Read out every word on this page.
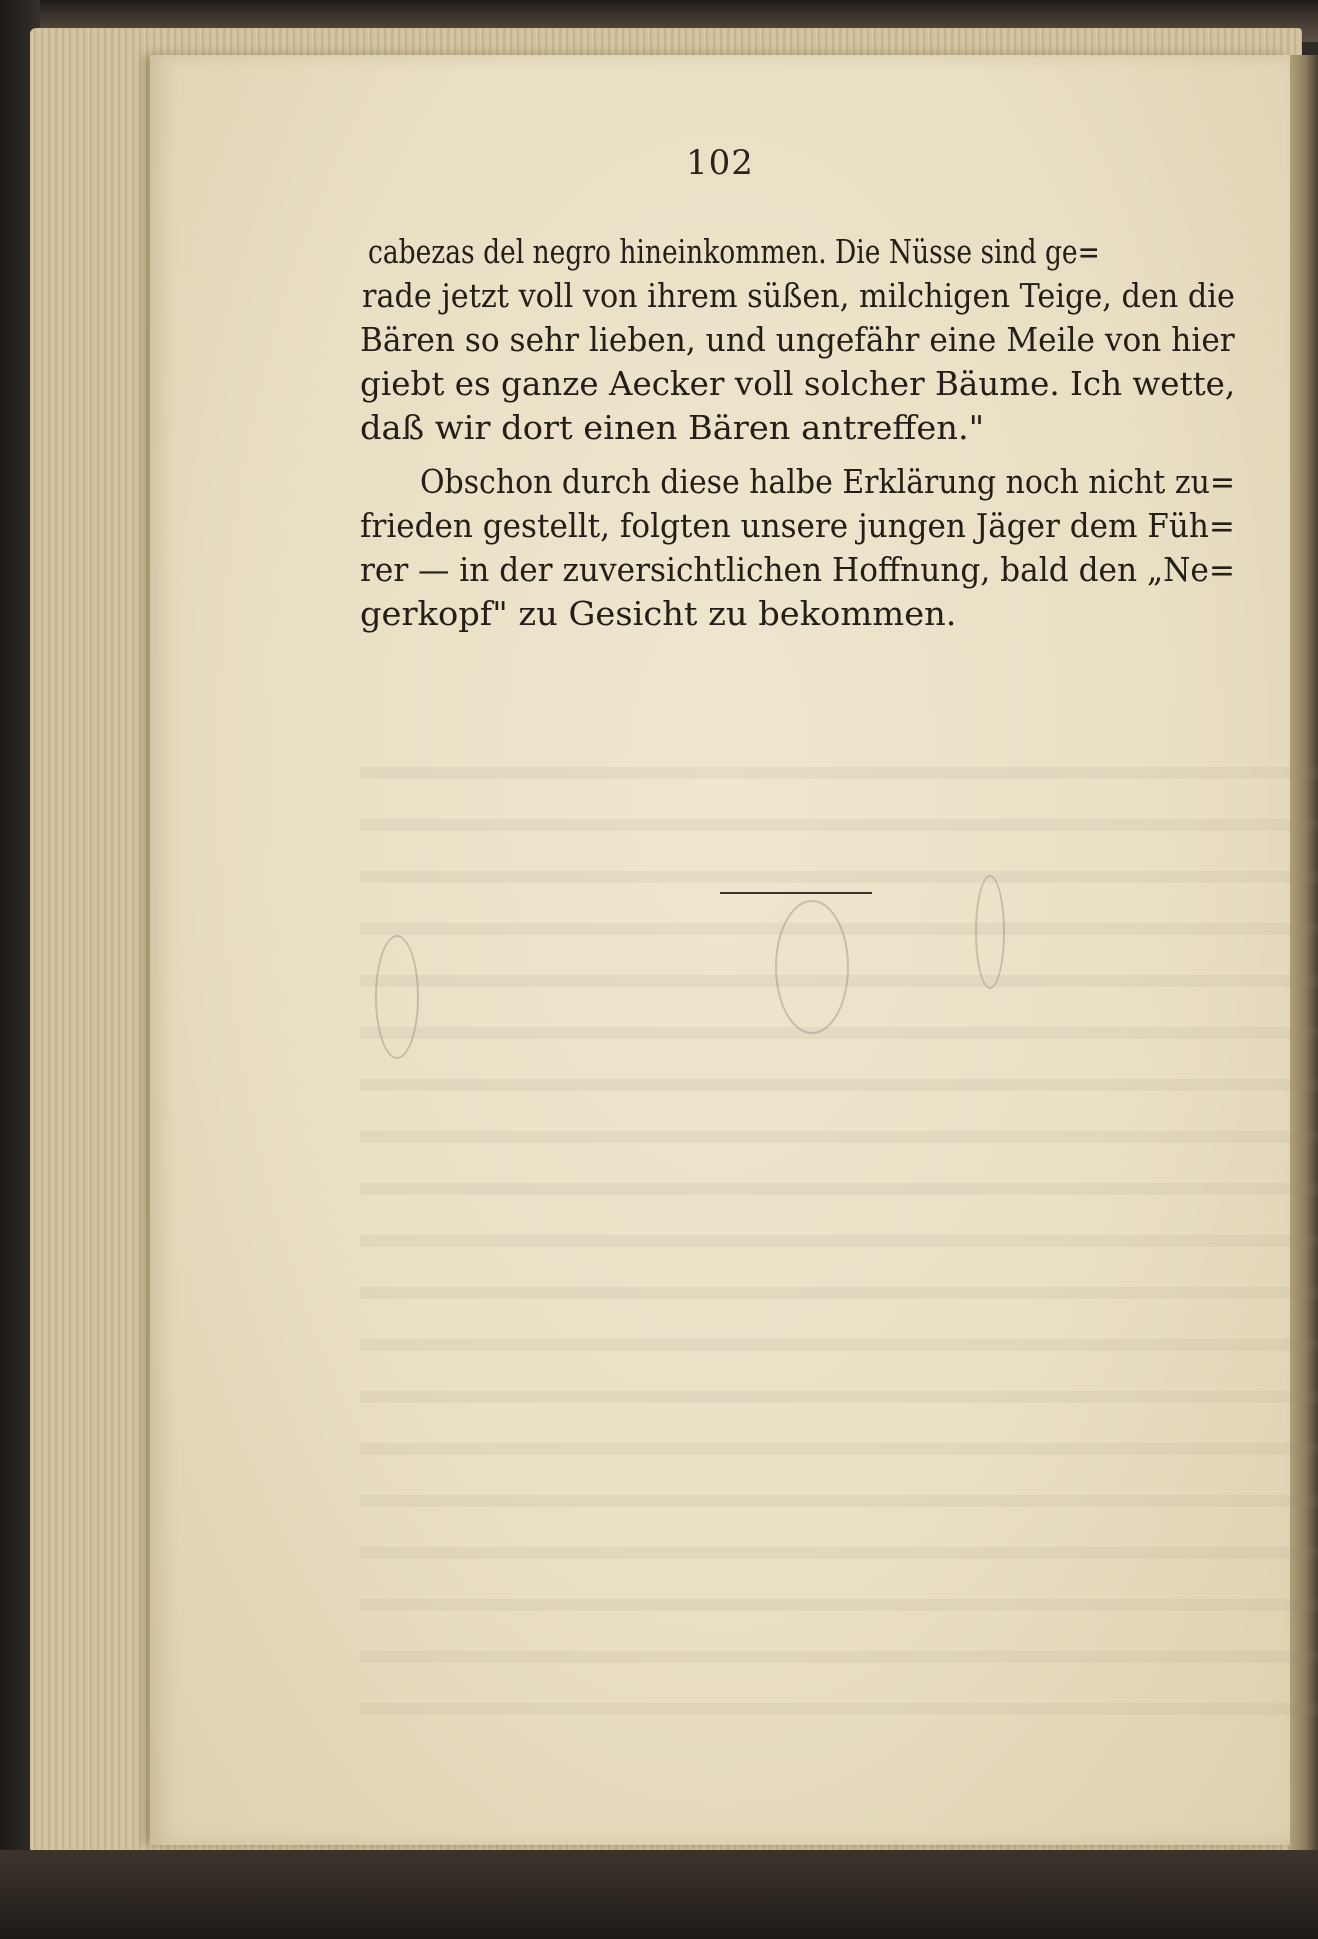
102
cabezas del negro hineinkommen. Die Nüsse sind ge=
rade jetzt voll von ihrem süßen, milchigen Teige, den die
Bären so sehr lieben, und ungefähr eine Meile von hier
giebt es ganze Aecker voll solcher Bäume. Ich wette,
daß wir dort einen Bären antreffen."
Obschon durch diese halbe Erklärung noch nicht zu=
frieden gestellt, folgten unsere jungen Jäger dem Füh=
rer — in der zuversichtlichen Hoffnung, bald den „Ne=
gerkopf" zu Gesicht zu bekommen.
